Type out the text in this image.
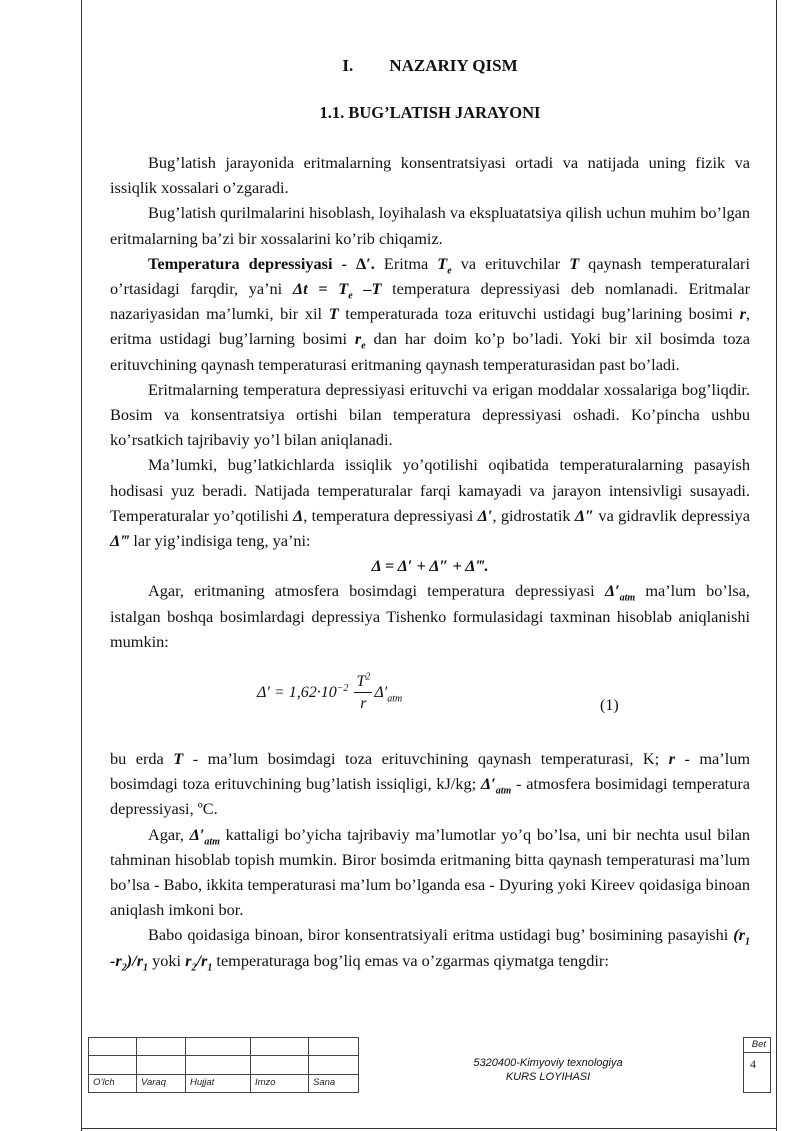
I. NAZARIY QISM
1.1. BUG’LATISH JARAYONI

Bug’latish jarayonida eritmalarning konsentratsiyasi ortadi va natijada uning fizik va issiqlik xossalari o’zgaradi.

Bug’latish qurilmalarini hisoblash, loyihalash va ekspluatatsiya qilish uchun muhim bo’lgan eritmalarning ba’zi bir xossalarini ko’rib chiqamiz.

Temperatura depressiyasi - Δ′. Eritma $T_e$ va erituvchilar T qaynash temperaturalari o’rtasidagi farqdir, ya’ni $\Delta t = T_e$ –T temperatura depressiyasi deb nomlanadi. Eritmalar nazariyasidan ma’lumki, bir xil T temperaturada toza erituvchi ustidagi bug’larining bosimi r, eritma ustidagi bug’larning bosimi $r_e$ dan har doim ko’p bo’ladi. Yoki bir xil bosimda toza erituvchining qaynash temperaturasi eritmaning qaynash temperaturasidan past bo’ladi.

Eritmalarning temperatura depressiyasi erituvchi va erigan moddalar xossalariga bog’liqdir. Bosim va konsentratsiya ortishi bilan temperatura depressiyasi oshadi. Ko’pincha ushbu ko’rsatkich tajribaviy yo’l bilan aniqlanadi.

Ma’lumki, bug’latkichlarda issiqlik yo’qotilishi oqibatida temperaturalarning pasayish hodisasi yuz beradi. Natijada temperaturalar farqi kamayadi va jarayon intensivligi susayadi. Temperaturalar yo’qotilishi Δ, temperatura depressiyasi Δ′, gidrostatik Δ″ va gidravlik depressiya Δ‴ lar yig’indisiga teng, ya’ni:

Δ = Δ′ + Δ″ + Δ‴.

Agar, eritmaning atmosfera bosimdagi temperatura depressiyasi $\Delta'_{atm}$ ma’lum bo’lsa, istalgan boshqa bosimlardagi depressiya Tishenko formulasidagi taxminan hisoblab aniqlanishi mumkin:

$\Delta' = 1,62\cdot 10^{-2} \frac{T^2}{r} \Delta'_{atm}$	(1)

bu erda T - ma’lum bosimdagi toza erituvchining qaynash temperaturasi, K; r - ma’lum bosimdagi toza erituvchining bug’latish issiqligi, kJ/kg; $\Delta'_{atm}$ - atmosfera bosimidagi temperatura depressiyasi, ºC.

Agar, $\Delta'_{atm}$ kattaligi bo’yicha tajribaviy ma’lumotlar yo’q bo’lsa, uni bir nechta usul bilan tahminan hisoblab topish mumkin. Biror bosimda eritmaning bitta qaynash temperaturasi ma’lum bo’lsa - Babo, ikkita temperaturasi ma’lum bo’lganda esa - Dyuring yoki Kireev qoidasiga binoan aniqlash imkoni bor.

Babo qoidasiga binoan, biror konsentratsiyali eritma ustidagi bug’ bosimining pasayishi ($r_1$ $-r_2)/r_1$ yoki $r_2/r_1$ temperaturaga bog’liq emas va o’zgarmas qiymatga tengdir:

O’lch	Varaq	Hujjat	Imzo	Sana
5320400-Kimyoviy texnologiya
KURS LOYIHASI
Bet
4
